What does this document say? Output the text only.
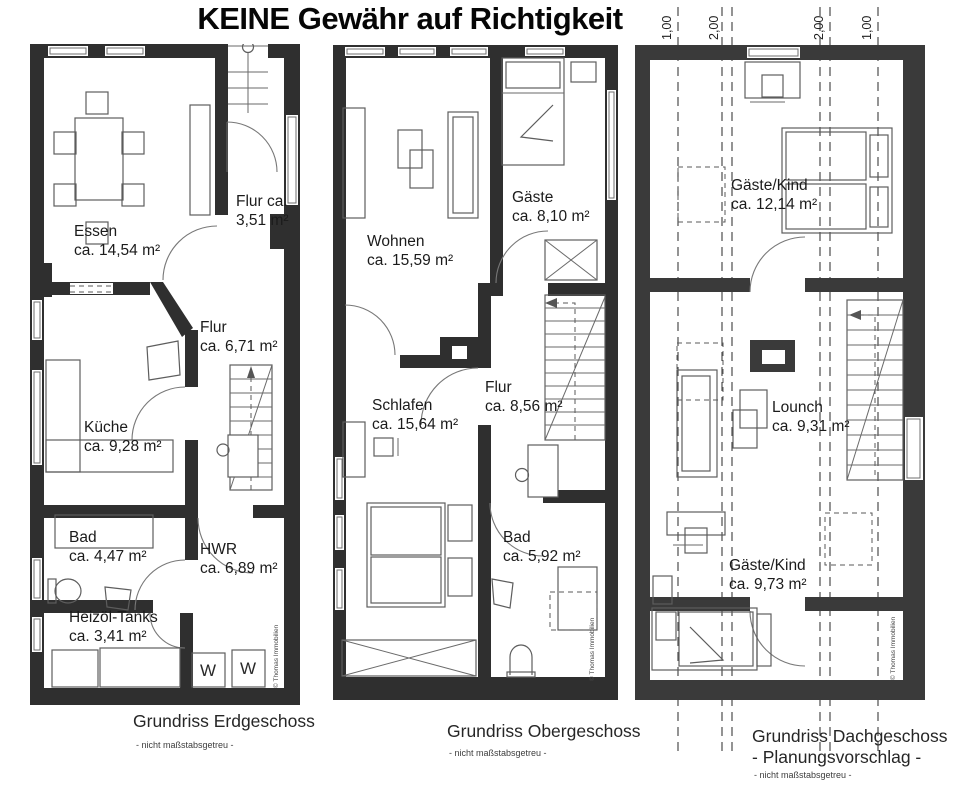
KEINE Gewähr auf Richtigkeit
W W
Essen
ca. 14,54 m²
Flur ca.
3,51 m²
Flur
ca. 6,71 m²
Küche
ca. 9,28 m²
Bad
ca. 4,47 m²	HWR
ca. 6,89 m²
Heizöl-Tanks
ca. 3,41 m²
Wohnen
ca. 15,59 m²
Gäste
ca. 8,10 m²
Schlafen
ca. 15,64 m²
Flur
ca. 8,56 m²
Bad
ca. 5,92 m²
Gäste/Kind
ca. 12,14 m²
Lounch
ca. 9,31 m²
Gäste/Kind
ca. 9,73 m²
1,00	2,00	2,00	1,00
Grundriss Erdgeschoss
- nicht maßstabsgetreu -
Grundriss Obergeschoss
- nicht maßstabsgetreu -
Grundriss Dachgeschoss
- Planungsvorschlag -
- nicht maßstabsgetreu -
© Thomas Immobilien	© Thomas Immobilien	© Thomas Immobilien
